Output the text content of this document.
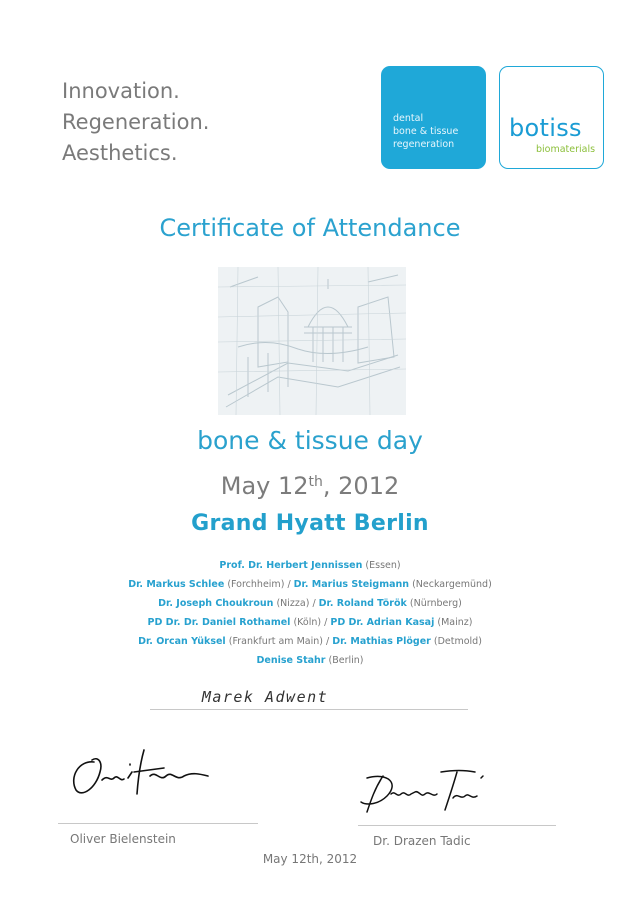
Innovation.
Regeneration.
Aesthetics.
dental
bone & tissue
regeneration
botiss
biomaterials
Certificate of Attendance
bone & tissue day
May 12th, 2012
Grand Hyatt Berlin
Prof. Dr. Herbert Jennissen (Essen)
Dr. Markus Schlee (Forchheim) / Dr. Marius Steigmann (Neckargemünd)
Dr. Joseph Choukroun (Nizza) / Dr. Roland Török (Nürnberg)
PD Dr. Dr. Daniel Rothamel (Köln) / PD Dr. Adrian Kasaj (Mainz)
Dr. Orcan Yüksel (Frankfurt am Main) / Dr. Mathias Plöger (Detmold)
Denise Stahr (Berlin)
Marek Adwent
Oliver Bielenstein	Dr. Drazen Tadic
May 12th, 2012
